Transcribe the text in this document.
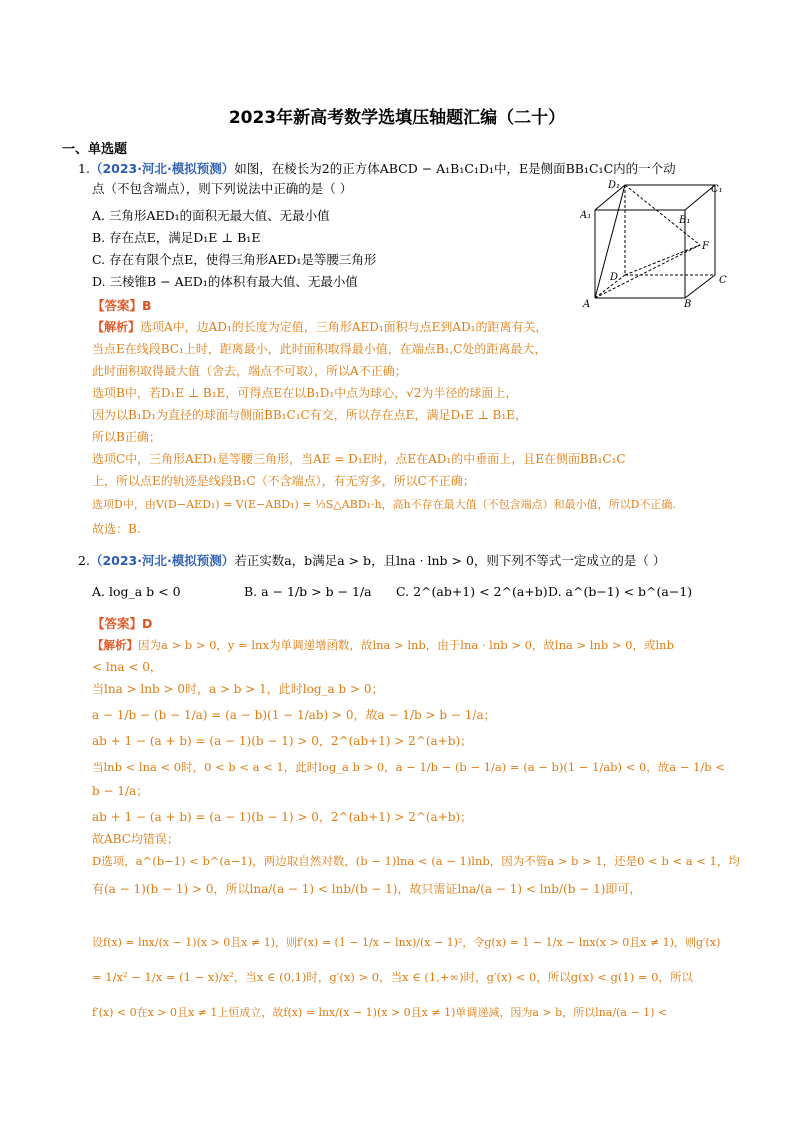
2023年新高考数学选填压轴题汇编（二十）
一、单选题
1.（2023·河北·模拟预测）如图，在棱长为2的正方体ABCD − A₁B₁C₁D₁中，E是侧面BB₁C₁C内的一个动
点（不包含端点），则下列说法中正确的是（ ）
A. 三角形AED₁的面积无最大值、无最小值
B. 存在点E，满足D₁E ⊥ B₁E
C. 存在有限个点E，使得三角形AED₁是等腰三角形
D. 三棱锥B − AED₁的体积有最大值、无最小值
D₁	C₁
A₁	B₁
F
D	C
A	B
【答案】B
【解析】选项A中，边AD₁的长度为定值，三角形AED₁面积与点E到AD₁的距离有关，
当点E在线段BC₁上时，距离最小，此时面积取得最小值，在端点B₁,C处的距离最大，
此时面积取得最大值（舍去，端点不可取），所以A不正确；
选项B中，若D₁E ⊥ B₁E，可得点E在以B₁D₁中点为球心，√2为半径的球面上，
因为以B₁D₁为直径的球面与侧面BB₁C₁C有交，所以存在点E，满足D₁E ⊥ B₁E，
所以B正确；
选项C中，三角形AED₁是等腰三角形，当AE = D₁E时，点E在AD₁的中垂面上，且E在侧面BB₁C₁C
上，所以点E的轨迹是线段B₁C（不含端点），有无穷多，所以C不正确；
选项D中，由V(D−AED₁) = V(E−ABD₁) = ⅓S△ABD₁·h，高h不存在最大值（不包含端点）和最小值，所以D不正确.
故选：B.
2.（2023·河北·模拟预测）若正实数a，b满足a > b，且lna · lnb > 0，则下列不等式一定成立的是（ ）
A. log_a b < 0	B. a − 1/b > b − 1/a C. 2^(ab+1) < 2^(a+b) D. a^(b−1) < b^(a−1)
【答案】D
【解析】因为a > b > 0，y = lnx为单调递增函数，故lna > lnb，由于lna · lnb > 0，故lna > lnb > 0，或lnb
< lna < 0，
当lna > lnb > 0时，a > b > 1，此时log_a b > 0；
a − 1/b − (b − 1/a) = (a − b)(1 − 1/ab) > 0，故a − 1/b > b − 1/a；
ab + 1 − (a + b) = (a − 1)(b − 1) > 0，2^(ab+1) > 2^(a+b)；
当lnb < lna < 0时，0 < b < a < 1，此时log_a b > 0，a − 1/b − (b − 1/a) = (a − b)(1 − 1/ab) < 0，故a − 1/b <
b − 1/a；
ab + 1 − (a + b) = (a − 1)(b − 1) > 0，2^(ab+1) > 2^(a+b)；
故ABC均错误；
D选项，a^(b−1) < b^(a−1)，两边取自然对数，(b − 1)lna < (a − 1)lnb，因为不管a > b > 1，还是0 < b < a < 1，均
有(a − 1)(b − 1) > 0，所以lna/(a − 1) < lnb/(b − 1)，故只需证lna/(a − 1) < lnb/(b − 1)即可，
设f(x) = lnx/(x − 1)(x > 0且x ≠ 1)，则f′(x) = (1 − 1/x − lnx)/(x − 1)²，令g(x) = 1 − 1/x − lnx(x > 0且x ≠ 1)，则g′(x)
= 1/x² − 1/x = (1 − x)/x²，当x ∈ (0,1)时，g′(x) > 0，当x ∈ (1,+∞)时，g′(x) < 0，所以g(x) < g(1) = 0，所以
f′(x) < 0在x > 0且x ≠ 1上恒成立，故f(x) = lnx/(x − 1)(x > 0且x ≠ 1)单调递减，因为a > b，所以lna/(a − 1) <
